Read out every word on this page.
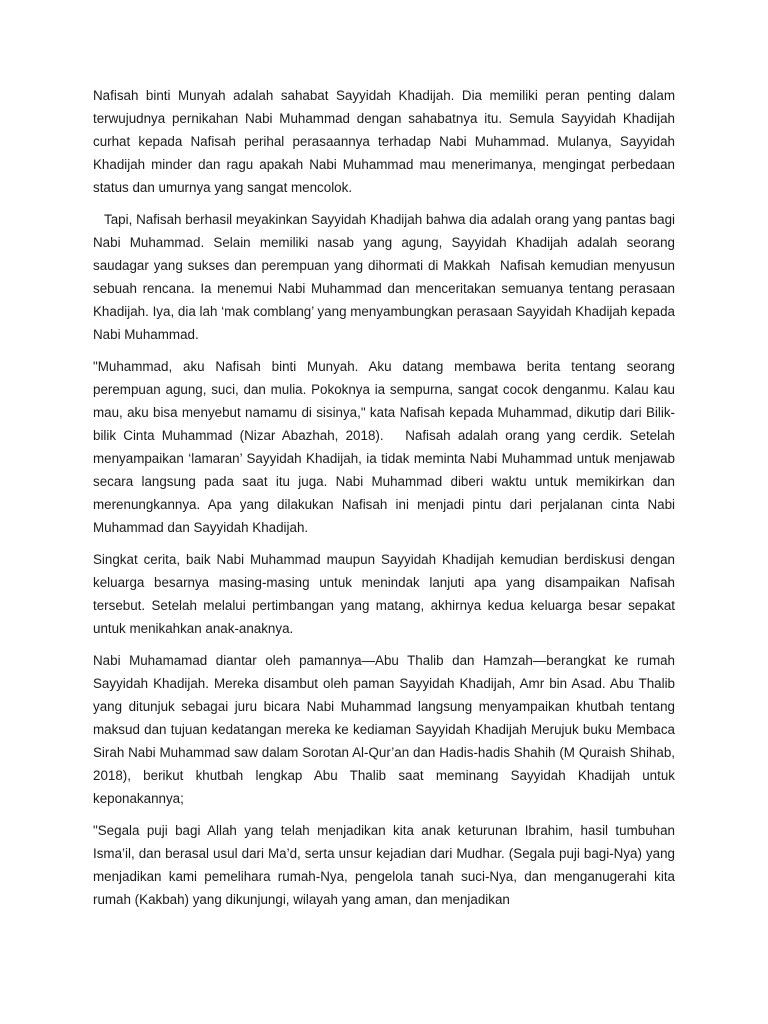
Nafisah binti Munyah adalah sahabat Sayyidah Khadijah. Dia memiliki peran penting dalam terwujudnya pernikahan Nabi Muhammad dengan sahabatnya itu. Semula Sayyidah Khadijah curhat kepada Nafisah perihal perasaannya terhadap Nabi Muhammad. Mulanya, Sayyidah Khadijah minder dan ragu apakah Nabi Muhammad mau menerimanya, mengingat perbedaan status dan umurnya yang sangat mencolok.

Tapi, Nafisah berhasil meyakinkan Sayyidah Khadijah bahwa dia adalah orang yang pantas bagi Nabi Muhammad. Selain memiliki nasab yang agung, Sayyidah Khadijah adalah seorang saudagar yang sukses dan perempuan yang dihormati di Makkah  Nafisah kemudian menyusun sebuah rencana. Ia menemui Nabi Muhammad dan menceritakan semuanya tentang perasaan Khadijah. Iya, dia lah ‘mak comblang’ yang menyambungkan perasaan Sayyidah Khadijah kepada Nabi Muhammad.

"Muhammad, aku Nafisah binti Munyah. Aku datang membawa berita tentang seorang perempuan agung, suci, dan mulia. Pokoknya ia sempurna, sangat cocok denganmu. Kalau kau mau, aku bisa menyebut namamu di sisinya," kata Nafisah kepada Muhammad, dikutip dari Bilik-bilik Cinta Muhammad (Nizar Abazhah, 2018).   Nafisah adalah orang yang cerdik. Setelah menyampaikan ‘lamaran’ Sayyidah Khadijah, ia tidak meminta Nabi Muhammad untuk menjawab secara langsung pada saat itu juga. Nabi Muhammad diberi waktu untuk memikirkan dan merenungkannya. Apa yang dilakukan Nafisah ini menjadi pintu dari perjalanan cinta Nabi Muhammad dan Sayyidah Khadijah.

Singkat cerita, baik Nabi Muhammad maupun Sayyidah Khadijah kemudian berdiskusi dengan keluarga besarnya masing-masing untuk menindak lanjuti apa yang disampaikan Nafisah tersebut. Setelah melalui pertimbangan yang matang, akhirnya kedua keluarga besar sepakat untuk menikahkan anak-anaknya.

Nabi Muhamamad diantar oleh pamannya—Abu Thalib dan Hamzah—berangkat ke rumah Sayyidah Khadijah. Mereka disambut oleh paman Sayyidah Khadijah, Amr bin Asad. Abu Thalib yang ditunjuk sebagai juru bicara Nabi Muhammad langsung menyampaikan khutbah tentang maksud dan tujuan kedatangan mereka ke kediaman Sayyidah Khadijah Merujuk buku Membaca Sirah Nabi Muhammad saw dalam Sorotan Al-Qur’an dan Hadis-hadis Shahih (M Quraish Shihab, 2018), berikut khutbah lengkap Abu Thalib saat meminang Sayyidah Khadijah untuk keponakannya;

"Segala puji bagi Allah yang telah menjadikan kita anak keturunan Ibrahim, hasil tumbuhan Isma’il, dan berasal usul dari Ma’d, serta unsur kejadian dari Mudhar. (Segala puji bagi-Nya) yang menjadikan kami pemelihara rumah-Nya, pengelola tanah suci-Nya, dan menganugerahi kita rumah (Kakbah) yang dikunjungi, wilayah yang aman, dan menjadikan
